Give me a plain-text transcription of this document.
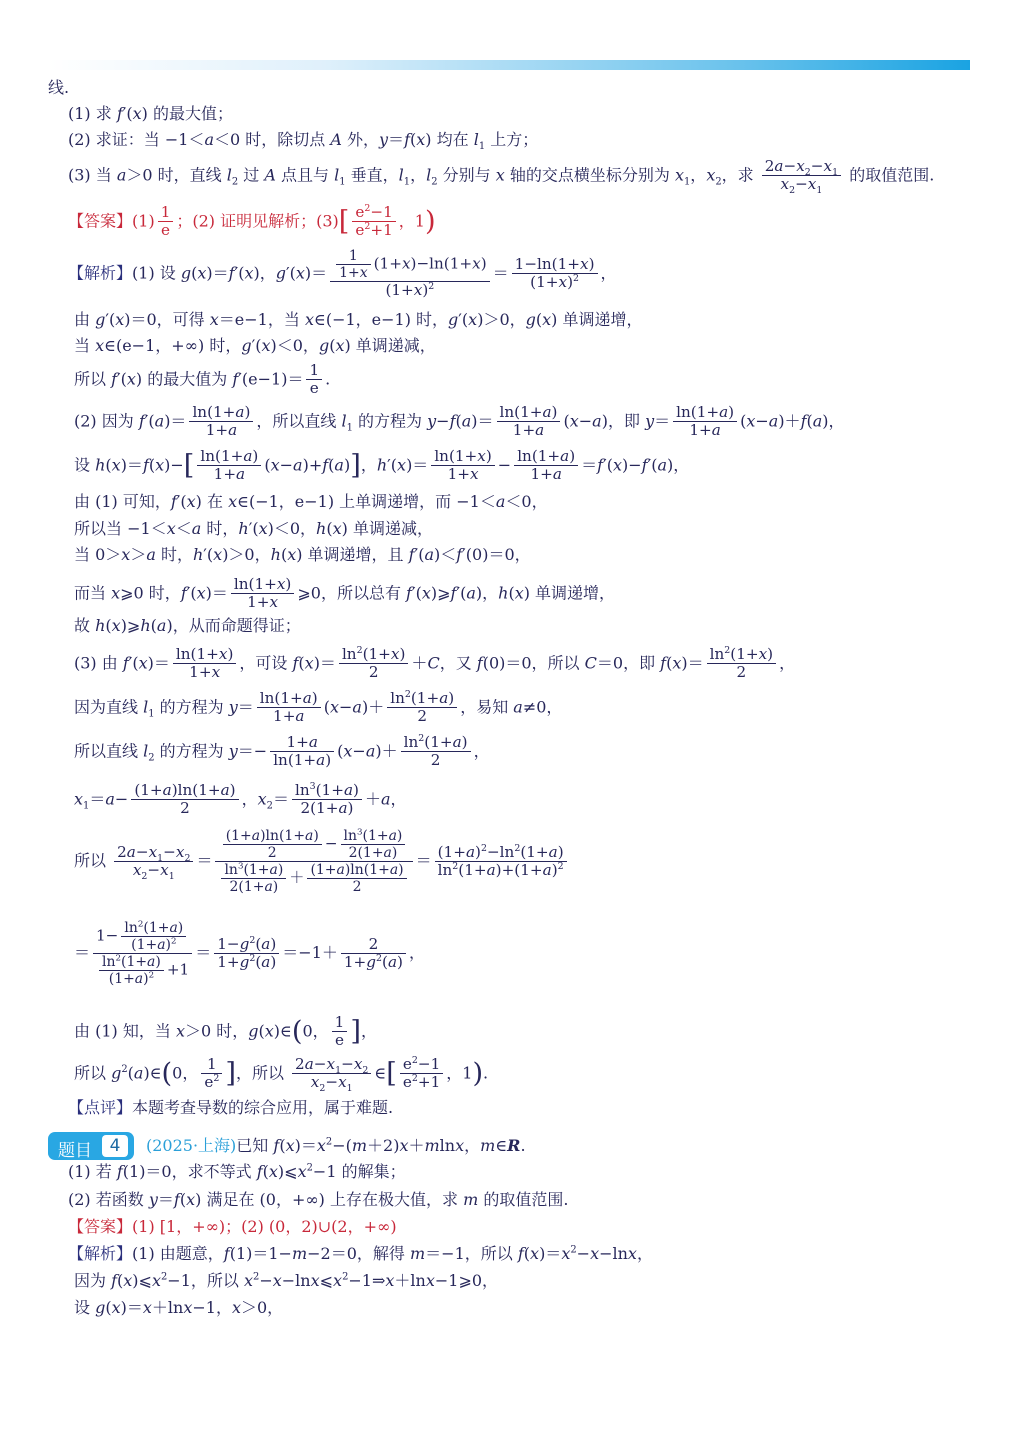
线.
(1) 求 f′(x) 的最大值；
(2) 求证：当 −1＜a＜0 时，除切点 A 外，y＝f(x) 均在 $l_1$ 上方；
(3) 当 a＞0 时，直线 $l_2$ 过 A 点且与 $l_1$ 垂直，$l_1$，$l_2$ 分别与 x 轴的交点横坐标分别为 $x_1$，$x_2$，求 $\frac{2a-x_2-x_1}{x_2-x_1}$ 的取值范围.
【答案】$(1) \frac{1}{e}$ ；(2) 证明见解析；$(3)[ \frac{e^2-1}{e^2+1}$ ，1)
【解析】(1) 设 g(x)＝f′(x)，$g'(x)= \frac{\frac{1}{1+x} (1+x)-\ln(1+x)}{(1+x)^2} = \frac{1-\ln(1+x)}{(1+x)^2}$ ，
由 g′(x)＝0，可得 x＝e−1，当 x∈(−1，e−1) 时，g′(x)＞0，g(x) 单调递增，
当 x∈(e−1，+∞) 时，g′(x)＜0，g(x) 单调递减，
所以 f′(x) 的最大值为 $f'(e-1)= \frac{1}{e}$ .
(2) 因为 $f'(a)= \frac{\ln(1+a)}{1+a}$ ，所以直线 $l_1$ 的方程为 $y-f(a)= \frac{\ln(1+a)}{1+a} (x-a)$，即 $y= \frac{\ln(1+a)}{1+a} (x-a)+f(a)$，
设 $h(x)=f(x)-[ \frac{\ln(1+a)}{1+a} (x-a)+f(a)]$，$h'(x)= \frac{\ln(1+x)}{1+x} - \frac{\ln(1+a)}{1+a} =f'(x)-f'(a)$，
由 (1) 可知，f′(x) 在 x∈(−1，e−1) 上单调递增，而 −1＜a＜0，
所以当 −1＜x＜a 时，h′(x)＜0，h(x) 单调递减，
当 0＞x＞a 时，h′(x)＞0，h(x) 单调递增，且 f′(a)＜f′(0)＝0，
而当 x⩾0 时，$f'(x)= \frac{\ln(1+x)}{1+x}$ ⩾0，所以总有 f′(x)⩾f′(a)，h(x) 单调递增，
故 h(x)⩾h(a)，从而命题得证；
(3) 由 $f'(x)= \frac{\ln(1+x)}{1+x}$ ，可设 $f(x)= \frac{\ln^2(1+x)}{2} +C$，又 f(0)＝0，所以 C＝0，即 $f(x)= \frac{\ln^2(1+x)}{2}$ ，
因为直线 $l_1$ 的方程为 $y= \frac{\ln(1+a)}{1+a} (x-a)+ \frac{\ln^2(1+a)}{2}$ ，易知 a≠0，
所以直线 $l_2$ 的方程为 $y=- \frac{1+a}{\ln(1+a)} (x-a)+ \frac{\ln^2(1+a)}{2}$ ，
$x_1=a- \frac{(1+a)\ln(1+a)}{2}$ ，$x_2= \frac{\ln^3(1+a)}{2(1+a)} +a$，
所以 $\frac{2a-x_1-x_2}{x_2-x_1} = \frac{\frac{(1+a)\ln(1+a)}{2} - \frac{\ln^3(1+a)}{2(1+a)}}{\frac{\ln^3(1+a)}{2(1+a)} + \frac{(1+a)\ln(1+a)}{2}} = \frac{(1+a)^2-\ln^2(1+a)}{\ln^2(1+a)+(1+a)^2}$
＝ $\frac{1- \frac{\ln^2(1+a)}{(1+a)^2}}{\frac{\ln^2(1+a)}{(1+a)^2} +1} = \frac{1-g^2(a)}{1+g^2(a)} =-1+ \frac{2}{1+g^2(a)}$ ，
由 (1) 知，当 x＞0 时，g(x)∈(0， $\frac{1}{e}$ ]，
所以 $g^2(a)\in(0$， $\frac{1}{e^2}$ ]，所以 $\frac{2a-x_1-x_2}{x_2-x_1}$ ∈[ $\frac{e^2-1}{e^2+1}$ ，1).
【点评】本题考查导数的综合应用，属于难题.
题目	4	(2025·上海)已知 $f(x)=x^2-(m+2)x+mlnx$，m∈R.
(1) 若 f(1)＝0，求不等式 $f(x)⩽x^2-1$ 的解集；
(2) 若函数 y＝f(x) 满足在 (0，+∞) 上存在极大值，求 m 的取值范围.
【答案】(1) [1，+∞)；(2) (0，2)∪(2，+∞)
【解析】(1) 由题意，f(1)＝1−m−2＝0，解得 m＝−1，所以 $f(x)=x^2-x-\ln x$，
因为 $f(x)⩽x^2-1$，所以 $x^2-x-\ln x⩽x^2-1\Rightarrow x+\ln x-1⩾0$，
设 g(x)＝x＋lnx−1，x＞0，
